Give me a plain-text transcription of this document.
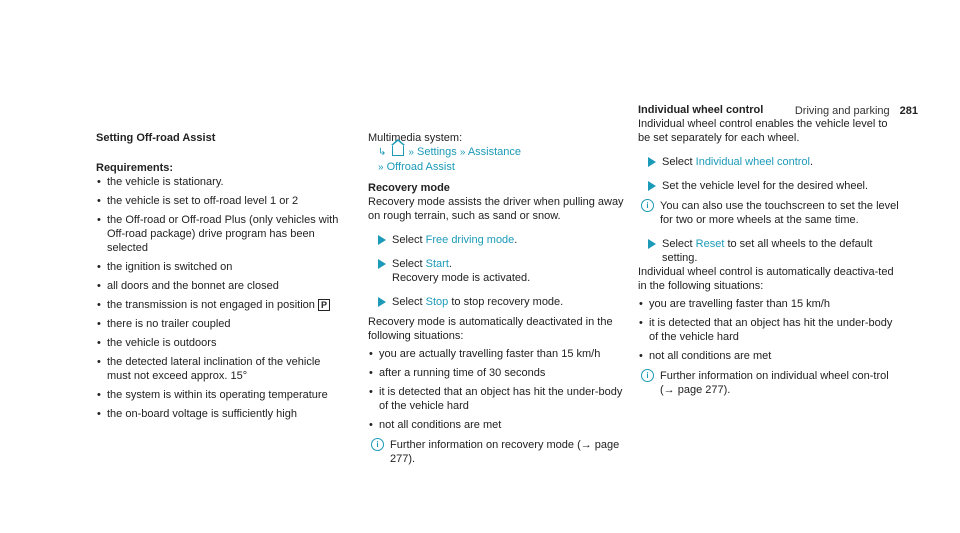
Driving and parking 281
Setting Off-road Assist
Requirements:
• the vehicle is stationary.
• the vehicle is set to off-road level 1 or 2
• the Off-road or Off-road Plus (only vehicles with Off-road package) drive program has been selected
• the ignition is switched on
• all doors and the bonnet are closed
• the transmission is not engaged in position P
• there is no trailer coupled
• the vehicle is outdoors
• the detected lateral inclination of the vehicle must not exceed approx. 15°
• the system is within its operating temperature
• the on-board voltage is sufficiently high

Multimedia system:

↳ » Settings » Assistance

» Offroad Assist

Recovery mode

Recovery mode assists the driver when pulling away on rough terrain, such as sand or snow.

Select Free driving mode.
Select Start.
Recovery mode is activated.
Select Stop to stop recovery mode.

Recovery mode is automatically deactivated in the following situations:

• you are actually travelling faster than 15 km/h
• after a running time of 30 seconds
• it is detected that an object has hit the under-body of the vehicle hard
• not all conditions are met
i	Further information on recovery mode (→ page 277).
Individual wheel control

Individual wheel control enables the vehicle level to be set separately for each wheel.

Select Individual wheel control.
Set the vehicle level for the desired wheel.
i	You can also use the touchscreen to set the level for two or more wheels at the same time.
Select Reset to set all wheels to the default setting.

Individual wheel control is automatically deactiva-ted in the following situations:

• you are travelling faster than 15 km/h
• it is detected that an object has hit the under-body of the vehicle hard
• not all conditions are met
i	Further information on individual wheel con-trol (→ page 277).
